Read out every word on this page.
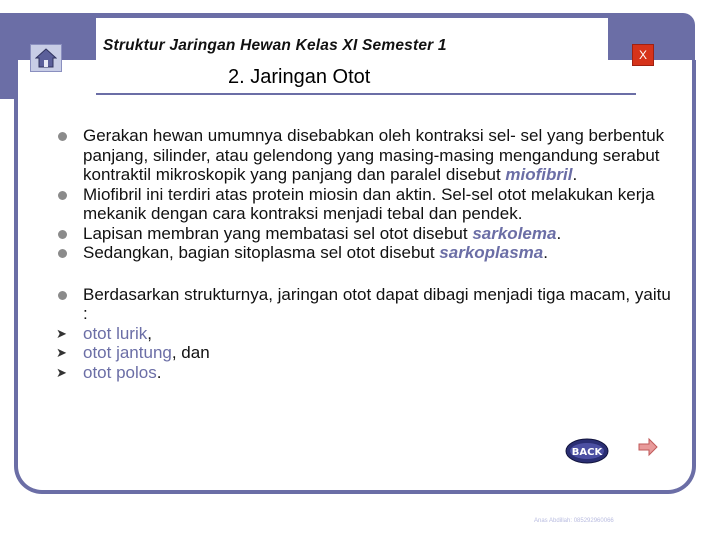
Struktur Jaringan Hewan Kelas XI Semester 1
2. Jaringan Otot
X

Gerakan hewan umumnya disebabkan oleh kontraksi sel- sel yang berbentuk panjang, silinder, atau gelendong yang masing-masing mengandung serabut kontraktil mikroskopik yang panjang dan paralel disebut miofibril.

Miofibril ini terdiri atas protein miosin dan aktin. Sel-sel otot melakukan kerja mekanik dengan cara kontraksi menjadi tebal dan pendek.

Lapisan membran yang membatasi sel otot disebut sarkolema.

Sedangkan, bagian sitoplasma sel otot disebut sarkoplasma.

Berdasarkan strukturnya, jaringan otot dapat dibagi menjadi tiga macam, yaitu :

➤ otot lurik,

➤ otot jantung, dan

➤ otot polos.

BACK
Anas Abdillah: 085292960066
